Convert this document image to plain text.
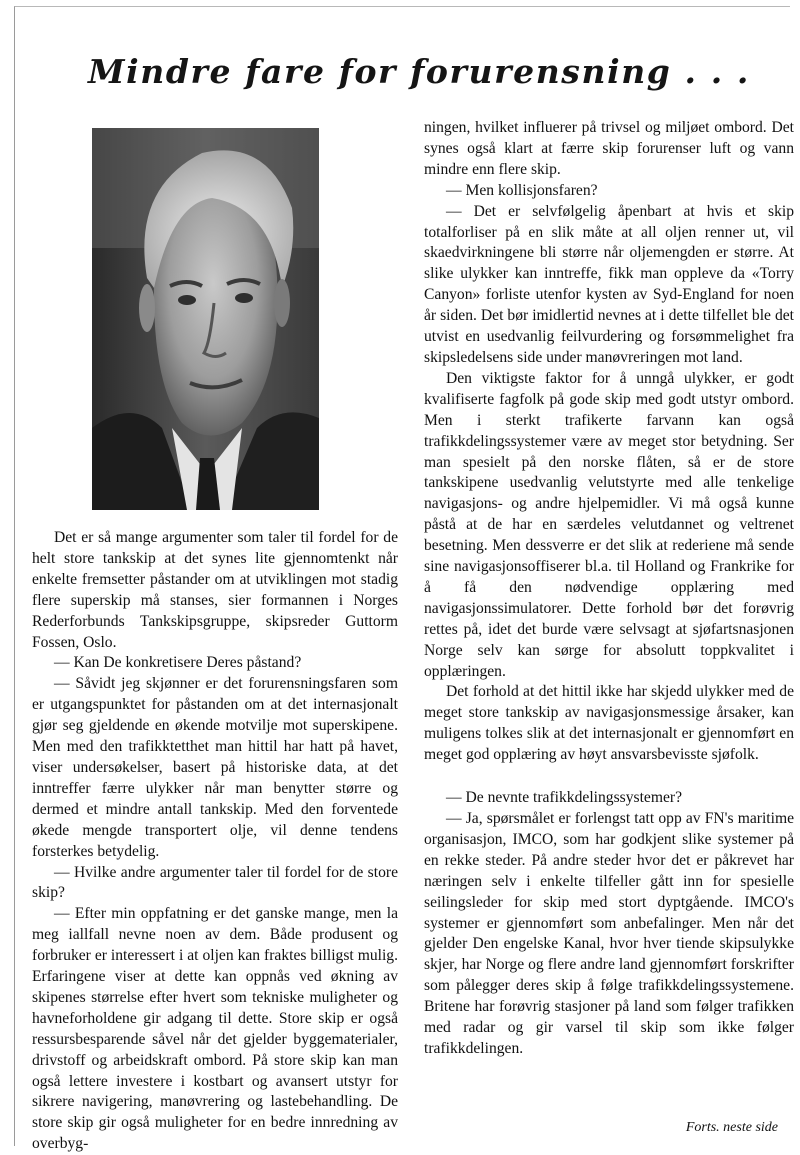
Mindre fare for forurensning . . .

Det er så mange argumenter som taler til fordel for de helt store tankskip at det synes lite gjennomtenkt når enkelte fremsetter påstander om at utviklingen mot stadig flere superskip må stanses, sier formannen i Norges Rederforbunds Tankskipsgruppe, skipsreder Guttorm Fossen, Oslo.

— Kan De konkretisere Deres påstand?

— Såvidt jeg skjønner er det forurensningsfaren som er utgangspunktet for påstanden om at det internasjonalt gjør seg gjeldende en økende motvilje mot superskipene. Men med den trafikktetthet man hittil har hatt på havet, viser undersøkelser, basert på historiske data, at det inntreffer færre ulykker når man benytter større og dermed et mindre antall tankskip. Med den forventede økede mengde transportert olje, vil denne tendens forsterkes betydelig.

— Hvilke andre argumenter taler til fordel for de store skip?

— Efter min oppfatning er det ganske mange, men la meg iallfall nevne noen av dem. Både produsent og forbruker er interessert i at oljen kan fraktes billigst mulig. Erfaringene viser at dette kan oppnås ved økning av skipenes størrelse efter hvert som tekniske muligheter og havneforholdene gir adgang til dette. Store skip er også ressursbesparende såvel når det gjelder byggematerialer, drivstoff og arbeidskraft ombord. På store skip kan man også lettere investere i kostbart og avansert utstyr for sikrere navigering, manøvrering og lastebehandling. De store skip gir også muligheter for en bedre innredning av overbyg-

ningen, hvilket influerer på trivsel og miljøet ombord. Det synes også klart at færre skip forurenser luft og vann mindre enn flere skip.

— Men kollisjonsfaren?

— Det er selvfølgelig åpenbart at hvis et skip totalforliser på en slik måte at all oljen renner ut, vil skaedvirkningene bli større når oljemengden er større. At slike ulykker kan inntreffe, fikk man oppleve da «Torry Canyon» forliste utenfor kysten av Syd-England for noen år siden. Det bør imidlertid nevnes at i dette tilfellet ble det utvist en usedvanlig feilvurdering og forsømmelighet fra skipsledelsens side under manøvreringen mot land.

Den viktigste faktor for å unngå ulykker, er godt kvalifiserte fagfolk på gode skip med godt utstyr ombord. Men i sterkt trafikerte farvann kan også trafikkdelingssystemer være av meget stor betydning. Ser man spesielt på den norske flåten, så er de store tankskipene usedvanlig velutstyrte med alle tenkelige navigasjons- og andre hjelpemidler. Vi må også kunne påstå at de har en særdeles velutdannet og veltrenet besetning. Men dessverre er det slik at rederiene må sende sine navigasjonsoffiserer bl.a. til Holland og Frankrike for å få den nødvendige opplæring med navigasjonssimulatorer. Dette forhold bør det forøvrig rettes på, idet det burde være selvsagt at sjøfartsnasjonen Norge selv kan sørge for absolutt toppkvalitet i opplæringen.

Det forhold at det hittil ikke har skjedd ulykker med de meget store tankskip av navigasjonsmessige årsaker, kan muligens tolkes slik at det internasjonalt er gjennomført en meget god opplæring av høyt ansvarsbevisste sjøfolk.

— De nevnte trafikkdelingssystemer?

— Ja, spørsmålet er forlengst tatt opp av FN's maritime organisasjon, IMCO, som har godkjent slike systemer på en rekke steder. På andre steder hvor det er påkrevet har næringen selv i enkelte tilfeller gått inn for spesielle seilingsleder for skip med stort dyptgående. IMCO's systemer er gjennomført som anbefalinger. Men når det gjelder Den engelske Kanal, hvor hver tiende skipsulykke skjer, har Norge og flere andre land gjennomført forskrifter som pålegger deres skip å følge trafikkdelingssystemene. Britene har forøvrig stasjoner på land som følger trafikken med radar og gir varsel til skip som ikke følger trafikkdelingen.

Forts. neste side
